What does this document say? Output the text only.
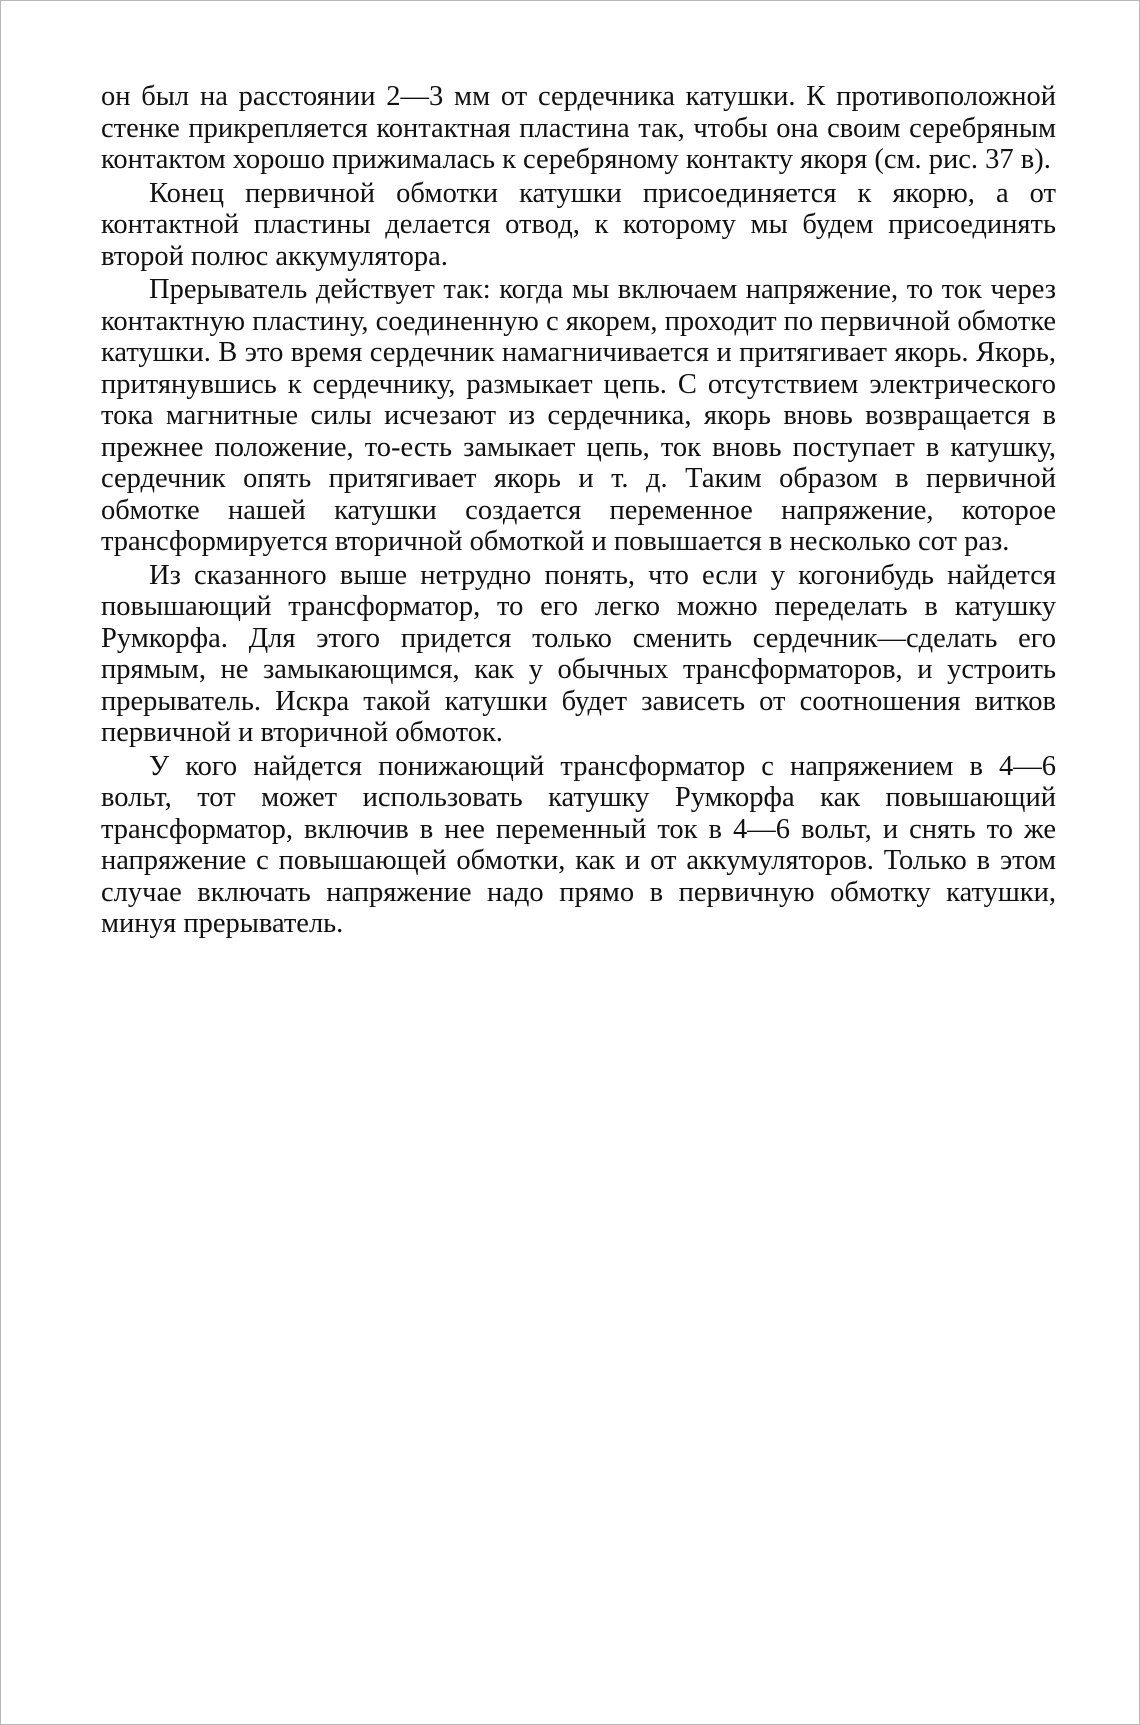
он был на расстоянии 2—3 мм от сердечника катушки. К противоположной стенке прикрепляется контактная пластина так, чтобы она своим серебряным контактом хорошо прижималась к серебряному контакту якоря (см. рис. 37 в).

Конец первичной обмотки катушки присоединяется к якорю, а от контактной пластины делается отвод, к которому мы будем присоединять второй полюс аккумулятора.

Прерыватель действует так: когда мы включаем напряжение, то ток через контактную пластину, соединенную с якорем, проходит по первичной обмотке катушки. В это время сердечник намагничивается и притягивает якорь. Якорь, притянувшись к сердечнику, размыкает цепь. С отсутствием электрического тока магнитные силы исчезают из сердечника, якорь вновь возвращается в прежнее положение, то-есть замыкает цепь, ток вновь поступает в катушку, сердечник опять притягивает якорь и т. д. Таким образом в первичной обмотке нашей катушки создается переменное напряжение, которое трансформируется вторичной обмоткой и повышается в несколько сот раз.

Из сказанного выше нетрудно понять, что если у когонибудь найдется повышающий трансформатор, то его легко можно переделать в катушку Румкорфа. Для этого придется только сменить сердечник—сделать его прямым, не замыкающимся, как у обычных трансформаторов, и устроить прерыватель. Искра такой катушки будет зависеть от соотношения витков первичной и вторичной обмоток.

У кого найдется понижающий трансформатор с напряжением в 4—6 вольт, тот может использовать катушку Румкорфа как повышающий трансформатор, включив в нее переменный ток в 4—6 вольт, и снять то же напряжение с повышающей обмотки, как и от аккумуляторов. Только в этом случае включать напряжение надо прямо в первичную обмотку катушки, минуя прерыватель.
